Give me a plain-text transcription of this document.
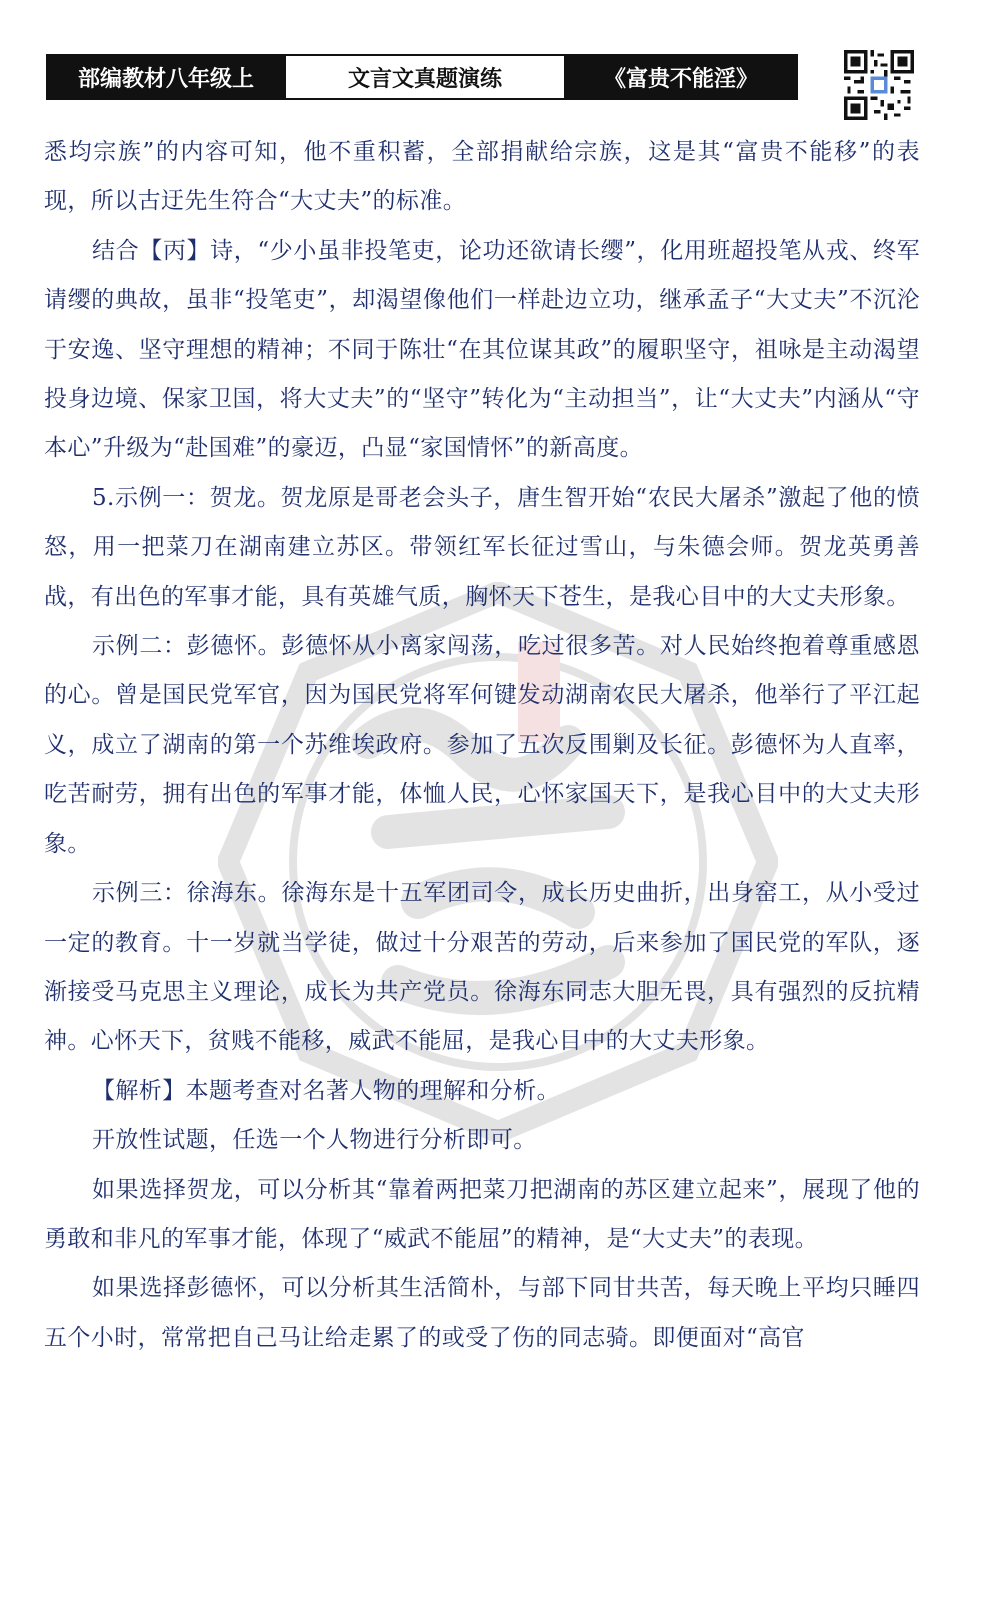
部编教材八年级上	文言文真题演练	《富贵不能淫》

悉均宗族”的内容可知，他不重积蓄，全部捐献给宗族，这是其“富贵不能移”的表现，所以古迂先生符合“大丈夫”的标准。

结合【丙】诗，“少小虽非投笔吏，论功还欲请长缨”，化用班超投笔从戎、终军请缨的典故，虽非“投笔吏”，却渴望像他们一样赴边立功，继承孟子“大丈夫”不沉沦于安逸、坚守理想的精神；不同于陈壮“在其位谋其政”的履职坚守，祖咏是主动渴望投身边境、保家卫国，将大丈夫”的“坚守”转化为“主动担当”，让“大丈夫”内涵从“守本心”升级为“赴国难”的豪迈，凸显“家国情怀”的新高度。

5.示例一：贺龙。贺龙原是哥老会头子，唐生智开始“农民大屠杀”激起了他的愤怒，用一把菜刀在湖南建立苏区。带领红军长征过雪山，与朱德会师。贺龙英勇善战，有出色的军事才能，具有英雄气质，胸怀天下苍生，是我心目中的大丈夫形象。

示例二：彭德怀。彭德怀从小离家闯荡，吃过很多苦。对人民始终抱着尊重感恩的心。曾是国民党军官，因为国民党将军何键发动湖南农民大屠杀，他举行了平江起义，成立了湖南的第一个苏维埃政府。参加了五次反围剿及长征。彭德怀为人直率，吃苦耐劳，拥有出色的军事才能，体恤人民，心怀家国天下，是我心目中的大丈夫形象。

示例三：徐海东。徐海东是十五军团司令，成长历史曲折，出身窑工，从小受过一定的教育。十一岁就当学徒，做过十分艰苦的劳动，后来参加了国民党的军队，逐渐接受马克思主义理论，成长为共产党员。徐海东同志大胆无畏，具有强烈的反抗精神。心怀天下，贫贱不能移，威武不能屈，是我心目中的大丈夫形象。

【解析】本题考查对名著人物的理解和分析。

开放性试题，任选一个人物进行分析即可。

如果选择贺龙，可以分析其“靠着两把菜刀把湖南的苏区建立起来”，展现了他的勇敢和非凡的军事才能，体现了“威武不能屈”的精神，是“大丈夫”的表现。

如果选择彭德怀，可以分析其生活简朴，与部下同甘共苦，每天晚上平均只睡四五个小时，常常把自己马让给走累了的或受了伤的同志骑。即便面对“高官
